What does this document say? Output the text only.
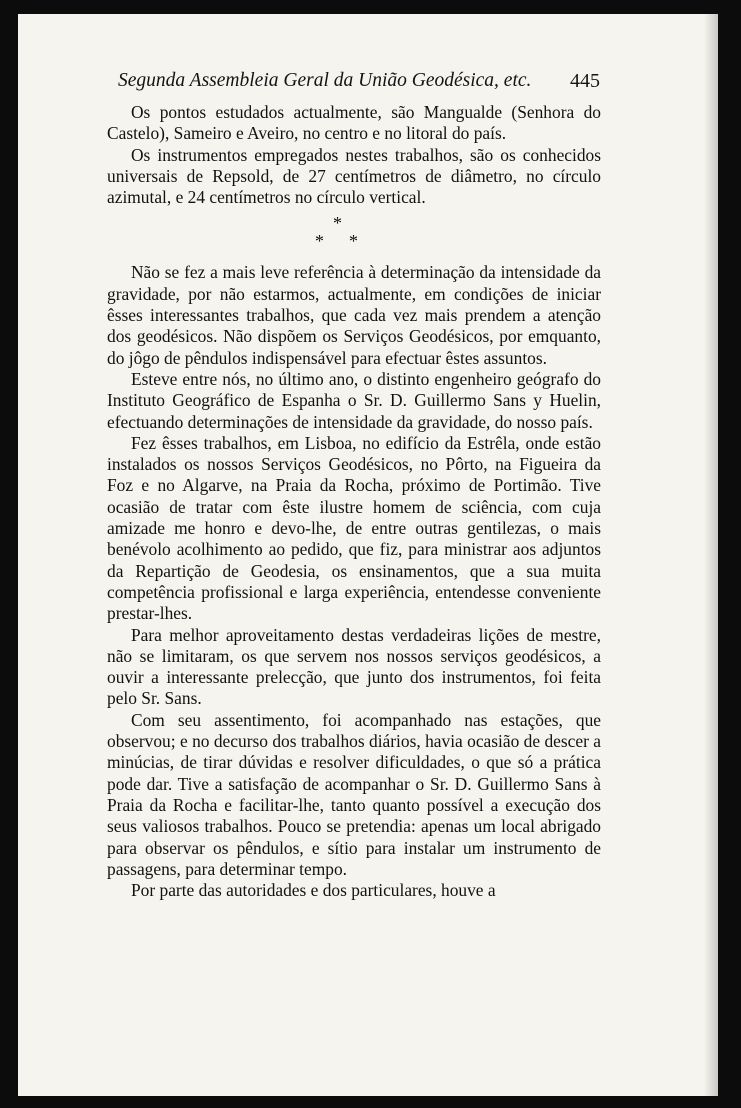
Segunda Assembleia Geral da União Geodésica, etc. 445

Os pontos estudados actualmente, são Mangualde (Senhora do Castelo), Sameiro e Aveiro, no centro e no litoral do país.

Os instrumentos empregados nestes trabalhos, são os conhecidos universais de Repsold, de 27 centímetros de diâmetro, no círculo azimutal, e 24 centímetros no círculo vertical.

*
* *

Não se fez a mais leve referência à determinação da intensidade da gravidade, por não estarmos, actualmente, em condições de iniciar êsses interessantes trabalhos, que cada vez mais prendem a atenção dos geodésicos. Não dispõem os Serviços Geodésicos, por emquanto, do jôgo de pêndulos indispensável para efectuar êstes assuntos.

Esteve entre nós, no último ano, o distinto engenheiro geógrafo do Instituto Geográfico de Espanha o Sr. D. Guillermo Sans y Huelin, efectuando determinações de intensidade da gravidade, do nosso país.

Fez êsses trabalhos, em Lisboa, no edifício da Estrêla, onde estão instalados os nossos Serviços Geodésicos, no Pôrto, na Figueira da Foz e no Algarve, na Praia da Rocha, próximo de Portimão. Tive ocasião de tratar com êste ilustre homem de sciência, com cuja amizade me honro e devo-lhe, de entre outras gentilezas, o mais benévolo acolhimento ao pedido, que fiz, para ministrar aos adjuntos da Repartição de Geodesia, os ensinamentos, que a sua muita competência profissional e larga experiência, entendesse conveniente prestar-lhes.

Para melhor aproveitamento destas verdadeiras lições de mestre, não se limitaram, os que servem nos nossos serviços geodésicos, a ouvir a interessante prelecção, que junto dos instrumentos, foi feita pelo Sr. Sans.

Com seu assentimento, foi acompanhado nas estações, que observou; e no decurso dos trabalhos diários, havia ocasião de descer a minúcias, de tirar dúvidas e resolver dificuldades, o que só a prática pode dar. Tive a satisfação de acompanhar o Sr. D. Guillermo Sans à Praia da Rocha e facilitar-lhe, tanto quanto possível a execução dos seus valiosos trabalhos. Pouco se pretendia: apenas um local abrigado para observar os pêndulos, e sítio para instalar um instrumento de passagens, para determinar tempo.

Por parte das autoridades e dos particulares, houve a
